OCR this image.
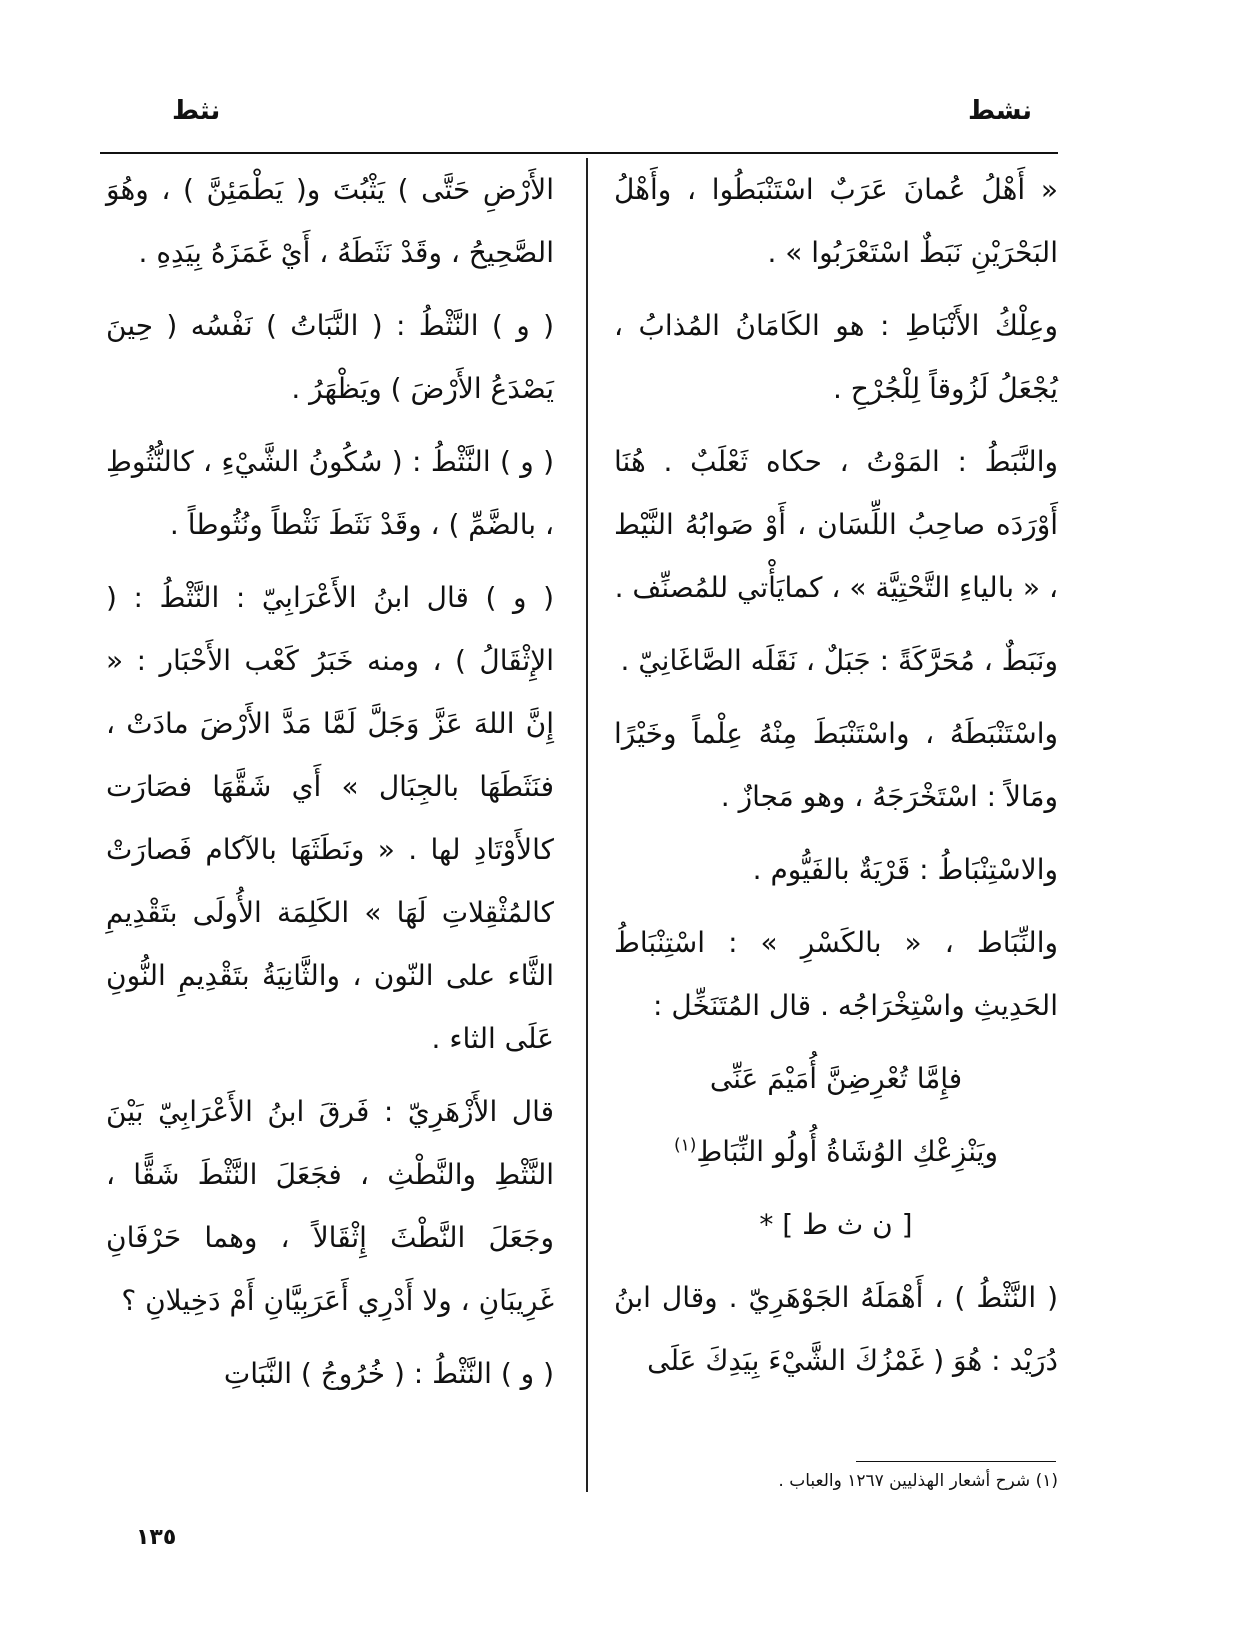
نشط
نثط

« أَهْلُ عُمانَ عَرَبٌ اسْتَنْبَطُوا ، وأَهْلُ البَحْرَيْنِ نَبَطٌ اسْتَعْرَبُوا » .

وعِلْكُ الأَنْبَاطِ : هو الكَامَانُ المُذابُ ، يُجْعَلُ لَزُوقاً لِلْجُرْحِ .

والنَّبَطُ : المَوْتُ ، حكاه ثَعْلَبٌ . هُنَا أَوْرَدَه صاحِبُ اللِّسَان ، أَوْ صَوابُهُ النَّيْط ، « بالياءِ التَّحْتِيَّة » ، كمايَأْتي للمُصنِّف .

ونَبَطٌ ، مُحَرَّكَةً : جَبَلٌ ، نَقَلَه الصَّاغَانِيّ .

واسْتَنْبَطَهُ ، واسْتَنْبَطَ مِنْهُ عِلْماً وخَيْرًا ومَالاً : اسْتَخْرَجَهُ ، وهو مَجازٌ .

والاسْتِنْبَاطُ : قَرْيَةٌ بالفَيُّوم .

والنِّبَاط ، « بالكَسْرِ » : اسْتِنْبَاطُ الحَدِيثِ واسْتِخْرَاجُه . قال المُتَنَخِّل :

فإِمَّا تُعْرِضِنَّ أُمَيْمَ عَنِّى

ويَنْزِعْكِ الوُشَاةُ أُولُو النِّبَاطِ$^{(١)}$

[ ن ث ط ] *

( النَّثْطُ ) ، أَهْمَلَهُ الجَوْهَرِيّ . وقال ابنُ دُرَيْد : هُوَ ( غَمْزُكَ الشَّيْءَ بِيَدِكَ عَلَى

الأَرْضِ حَتَّى ) يَثْبُتَ و( يَطْمَئِنَّ ) ، وهُوَ الصَّحِيحُ ، وقَدْ نَثَطَهُ ، أَيْ غَمَزَهُ بِيَدِهِ .

( و ) النَّثْطُ : ( النَّبَاتُ ) نَفْسُه ( حِينَ يَصْدَعُ الأَرْضَ ) ويَظْهَرُ .

( و ) النَّثْطُ : ( سُكُونُ الشَّيْءِ ، كالنُّثُوطِ ، بالضَّمِّ ) ، وقَدْ نَثَطَ نَثْطاً ونُثُوطاً .

( و ) قال ابنُ الأَعْرَابِيّ : النَّثْطُ : ( الإِثْقَالُ ) ، ومنه خَبَرُ كَعْب الأَحْبَار : « إِنَّ اللهَ عَزَّ وَجَلَّ لَمَّا مَدَّ الأَرْضَ مادَتْ ، فنَثَطَهَا بالجِبَال » أَي شَقَّهَا فصَارَت كالأَوْتَادِ لها . « ونَطَثَهَا بالآكام فَصارَتْ كالمُثْقِلاتِ لَهَا » الكَلِمَة الأُولَى بتَقْدِيمِ الثَّاء على النّون ، والثَّانِيَةُ بتَقْدِيمِ النُّونِ عَلَى الثاء .

قال الأَزْهَرِيّ : فَرقَ ابنُ الأَعْرَابِيّ بَيْنَ النَّثْطِ والنَّطْثِ ، فجَعَلَ النَّثْطَ شَقًّا ، وجَعَلَ النَّطْثَ إِثْقَالاً ، وهما حَرْفَانِ غَرِيبَانِ ، ولا أَدْرِي أَعَرَبِيَّانِ أَمْ دَخِيلانِ ؟

( و ) النَّثْطُ : ( خُرُوجُ ) النَّبَاتِ

(١) شرح أشعار الهذليين ١٢٦٧ والعباب .
١٣٥
